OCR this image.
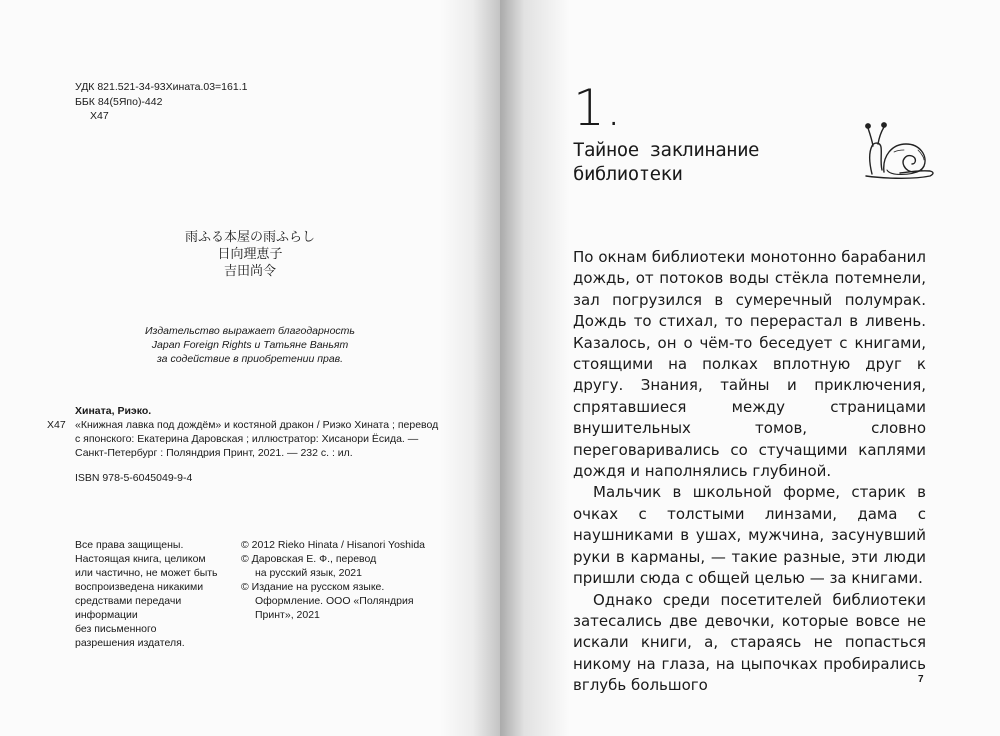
УДК 821.521-34-93Хината.03=161.1
ББК 84(5Япо)-442
Х47
雨ふる本屋の雨ふらし
日向理恵子
吉田尚令
Издательство выражает благодарность
Japan Foreign Rights и Татьяне Ваньят
за содействие в приобретении прав.
Хината, Риэко.
Х47 «Книжная лавка под дождём» и костяной дракон / Риэко Хината ; перевод
с японского: Екатерина Даровская ; иллюстратор: Хисанори Ёсида. —
Санкт-Петербург : Поляндрия Принт, 2021. — 232 с. : ил.
ISBN 978-5-6045049-9-4
Все права защищены.
Настоящая книга, целиком
или частично, не может быть
воспроизведена никакими
средствами передачи
информации
без письменного
разрешения издателя.
© 2012 Rieko Hinata / Hisanori Yoshida
© Даровская Е. Ф., перевод
на русский язык, 2021
© Издание на русском языке.
Оформление. ООО «Поляндрия
Принт», 2021
1.
Тайное заклинание
библиотеки

По окнам библиотеки монотонно барабанил дождь, от потоков воды стёкла потемнели, зал погрузился в сумеречный полумрак. Дождь то стихал, то перерастал в ливень. Казалось, он о чём-то беседует с книгами, стоящими на полках вплотную друг к другу. Знания, тайны и приключения, спрятавшиеся между страницами внушительных томов, словно переговаривались со стучащими каплями дождя и наполнялись глубиной.

Мальчик в школьной форме, старик в очках с толстыми линзами, дама с наушниками в ушах, мужчина, засунувший руки в карманы, — такие разные, эти люди пришли сюда с общей целью — за книгами.

Однако среди посетителей библиотеки затесались две девочки, которые вовсе не искали книги, а, стараясь не попасться никому на глаза, на цыпочках пробирались вглубь большого	7
